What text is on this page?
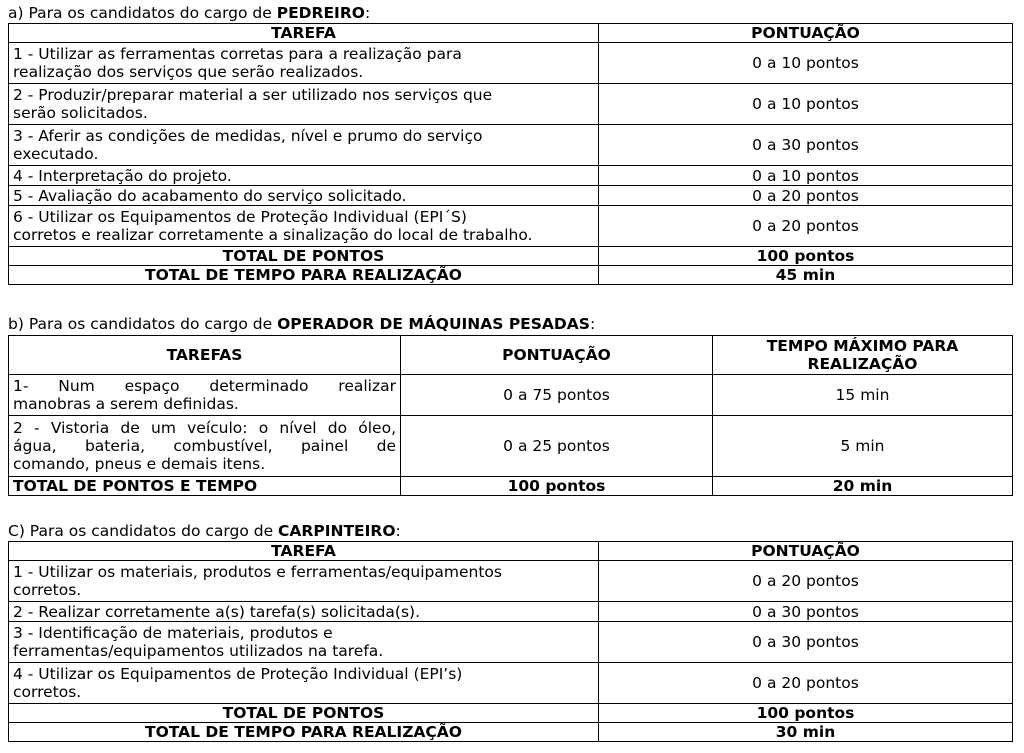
a) Para os candidatos do cargo de PEDREIRO:
TAREFA	PONTUAÇÃO

1 - Utilizar as ferramentas corretas para a realização para
realização dos serviços que serão realizados.	0 a 10 pontos

2 - Produzir/preparar material a ser utilizado nos serviços que
serão solicitados.	0 a 10 pontos

3 - Aferir as condições de medidas, nível e prumo do serviço
executado.	0 a 30 pontos
4 - Interpretação do projeto.	0 a 10 pontos
5 - Avaliação do acabamento do serviço solicitado.	0 a 20 pontos

6 - Utilizar os Equipamentos de Proteção Individual (EPI´S)
corretos e realizar corretamente a sinalização do local de trabalho.	0 a 20 pontos
TOTAL DE PONTOS	100 pontos
TOTAL DE TEMPO PARA REALIZAÇÃO	45 min
b) Para os candidatos do cargo de OPERADOR DE MÁQUINAS PESADAS:
TAREFAS	PONTUAÇÃO	TEMPO MÁXIMO PARA
REALIZAÇÃO

1- Num espaço determinado realizar
manobras a serem definidas.	0 a 75 pontos	15 min

2 - Vistoria de um veículo: o nível do óleo,
água, bateria, combustível, painel de
comando, pneus e demais itens.	0 a 25 pontos	5 min
TOTAL DE PONTOS E TEMPO	100 pontos	20 min
C) Para os candidatos do cargo de CARPINTEIRO:
TAREFA	PONTUAÇÃO

1 - Utilizar os materiais, produtos e ferramentas/equipamentos
corretos.	0 a 20 pontos
2 - Realizar corretamente a(s) tarefa(s) solicitada(s).	0 a 30 pontos

3 - Identificação de materiais, produtos e
ferramentas/equipamentos utilizados na tarefa.	0 a 30 pontos

4 - Utilizar os Equipamentos de Proteção Individual (EPI’s)
corretos.	0 a 20 pontos
TOTAL DE PONTOS	100 pontos
TOTAL DE TEMPO PARA REALIZAÇÃO	30 min
